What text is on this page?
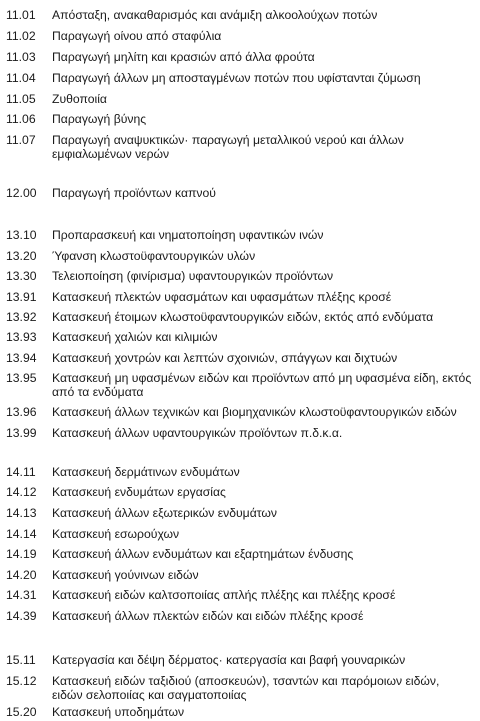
11.01	Απόσταξη, ανακαθαρισμός και ανάμιξη αλκοολούχων ποτών
11.02	Παραγωγή οίνου από σταφύλια
11.03	Παραγωγή μηλίτη και κρασιών από άλλα φρούτα
11.04	Παραγωγή άλλων μη αποσταγμένων ποτών που υφίστανται ζύμωση
11.05	Ζυθοποιία
11.06	Παραγωγή βύνης
11.07	Παραγωγή αναψυκτικών· παραγωγή μεταλλικού νερού και άλλων εμφιαλωμένων νερών
12.00	Παραγωγή προϊόντων καπνού
13.10	Προπαρασκευή και νηματοποίηση υφαντικών ινών
13.20	Ύφανση κλωστοϋφαντουργικών υλών
13.30	Τελειοποίηση (φινίρισμα) υφαντουργικών προϊόντων
13.91	Κατασκευή πλεκτών υφασμάτων και υφασμάτων πλέξης κροσέ
13.92	Κατασκευή έτοιμων κλωστοϋφαντουργικών ειδών, εκτός από ενδύματα
13.93	Κατασκευή χαλιών και κιλιμιών
13.94	Κατασκευή χοντρών και λεπτών σχοινιών, σπάγγων και διχτυών
13.95	Κατασκευή μη υφασμένων ειδών και προϊόντων από μη υφασμένα είδη, εκτός από τα ενδύματα
13.96	Κατασκευή άλλων τεχνικών και βιομηχανικών κλωστοϋφαντουργικών ειδών
13.99	Κατασκευή άλλων υφαντουργικών προϊόντων π.δ.κ.α.
14.11	Κατασκευή δερμάτινων ενδυμάτων
14.12	Κατασκευή ενδυμάτων εργασίας
14.13	Κατασκευή άλλων εξωτερικών ενδυμάτων
14.14	Κατασκευή εσωρούχων
14.19	Κατασκευή άλλων ενδυμάτων και εξαρτημάτων ένδυσης
14.20	Κατασκευή γούνινων ειδών
14.31	Κατασκευή ειδών καλτσοποιίας απλής πλέξης και πλέξης κροσέ
14.39	Κατασκευή άλλων πλεκτών ειδών και ειδών πλέξης κροσέ
15.11	Κατεργασία και δέψη δέρματος· κατεργασία και βαφή γουναρικών
15.12	Κατασκευή ειδών ταξιδιού (αποσκευών), τσαντών και παρόμοιων ειδών, ειδών σελοποιίας και σαγματοποιίας
15.20	Κατασκευή υποδημάτων
